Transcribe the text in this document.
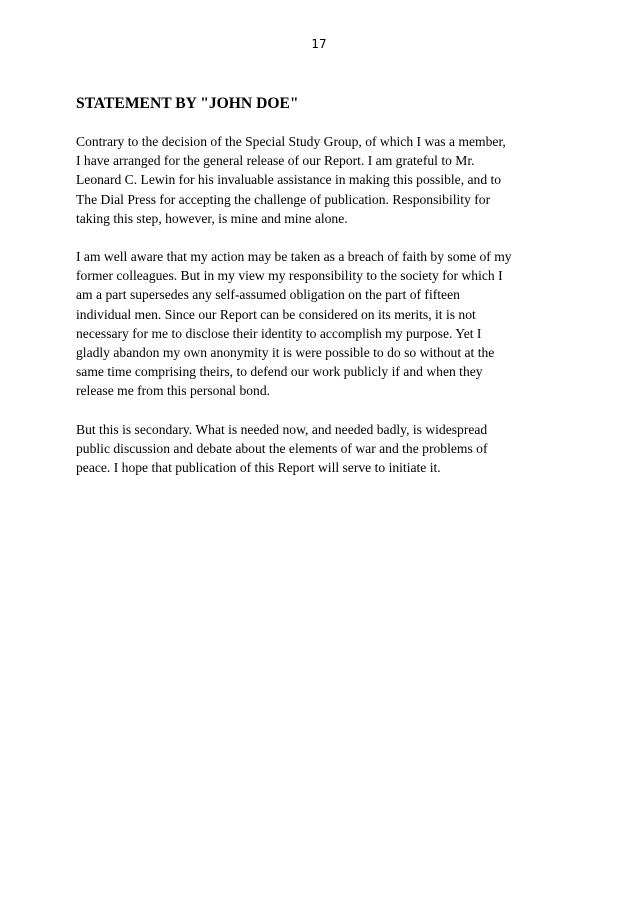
17
STATEMENT BY "JOHN DOE"
Contrary to the decision of the Special Study Group, of which I was a member,
I have arranged for the general release of our Report. I am grateful to Mr.
Leonard C. Lewin for his invaluable assistance in making this possible, and to
The Dial Press for accepting the challenge of publication. Responsibility for
taking this step, however, is mine and mine alone.
I am well aware that my action may be taken as a breach of faith by some of my
former colleagues. But in my view my responsibility to the society for which I
am a part supersedes any self-assumed obligation on the part of fifteen
individual men. Since our Report can be considered on its merits, it is not
necessary for me to disclose their identity to accomplish my purpose. Yet I
gladly abandon my own anonymity it is were possible to do so without at the
same time comprising theirs, to defend our work publicly if and when they
release me from this personal bond.
But this is secondary. What is needed now, and needed badly, is widespread
public discussion and debate about the elements of war and the problems of
peace. I hope that publication of this Report will serve to initiate it.
